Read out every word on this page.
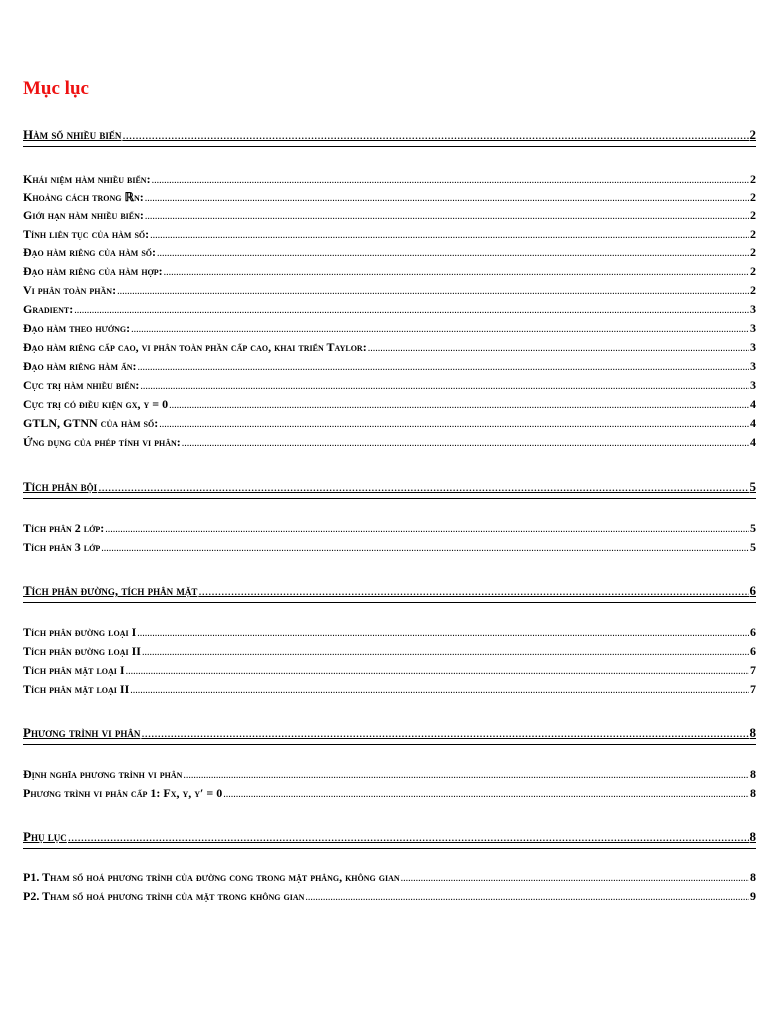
Mục lục
Hàm số nhiều biến .....	2
Khái niệm hàm nhiều biến: .....	2
Khoảng cách trong ℝn: .....	2
Giới hạn hàm nhiều biến: .....	2
Tính liên tục của hàm số: .....	2
Đạo hàm riêng của hàm số: .....	2
Đạo hàm riêng của hàm hợp: .....	2
Vi phân toàn phần: .....	2
Gradient: .....	3
Đạo hàm theo hướng: .....	3
Đạo hàm riêng cấp cao, vi phân toàn phần cấp cao, khai triển Taylor: .....	3
Đạo hàm riêng hàm ẩn: .....	3
Cực trị hàm nhiều biến: .....	3
Cực trị có điều kiện gx, y = 0 .....	4
GTLN, GTNN của hàm số: .....	4
Ứng dụng của phép tính vi phân: .....	4
Tích phân bội .....	5
Tích phân 2 lớp: .....	5
Tích phân 3 lớp .....	5
Tích phân đường, tích phân mặt .....	6
Tích phân đường loại I .....	6
Tích phân đường loại II .....	6
Tích phân mặt loại I .....	7
Tích phân mặt loại II .....	7
Phương trình vi phân .....	8
Định nghĩa phương trình vi phân .....	8
Phương trình vi phân cấp 1: Fx, y, y′ = 0 .....	8
Phụ lục .....	8
P1. Tham số hoá phương trình của đường cong trong mặt phẳng, không gian .....	8
P2. Tham số hoá phương trình của mặt trong không gian .....	9
